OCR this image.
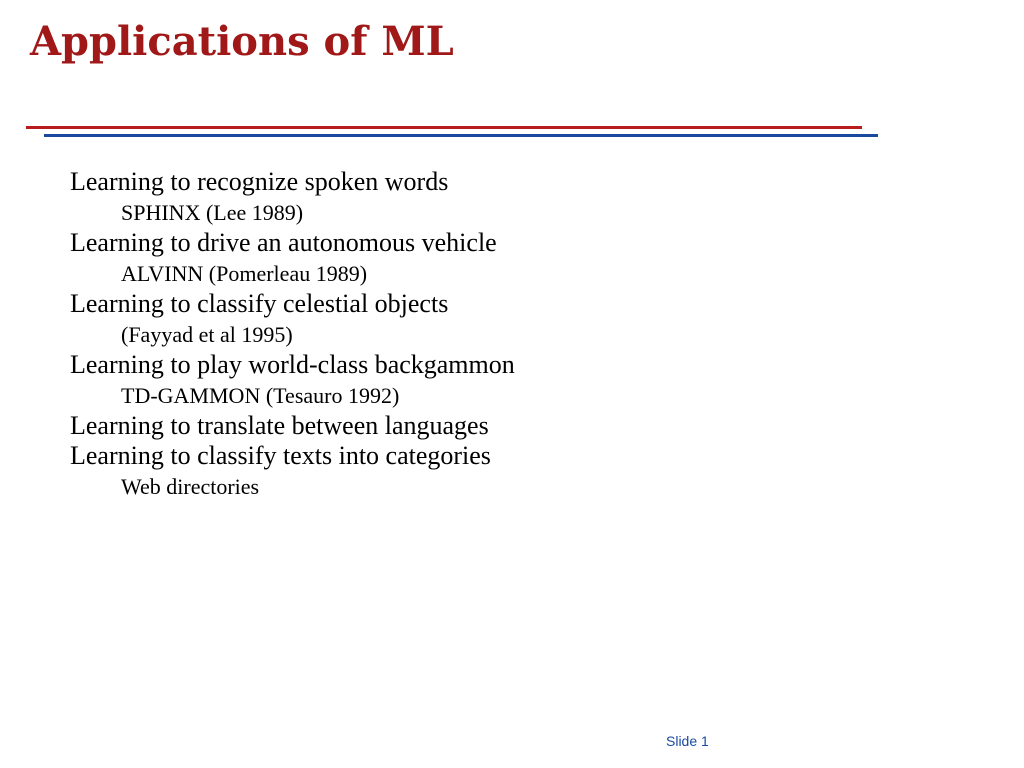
Applications of ML
Learning to recognize spoken words
SPHINX (Lee 1989)
Learning to drive an autonomous vehicle
ALVINN (Pomerleau 1989)
Learning to classify celestial objects
(Fayyad et al 1995)
Learning to play world-class backgammon
TD-GAMMON (Tesauro 1992)
Learning to translate between languages
Learning to classify texts into categories
Web directories
Slide 1
